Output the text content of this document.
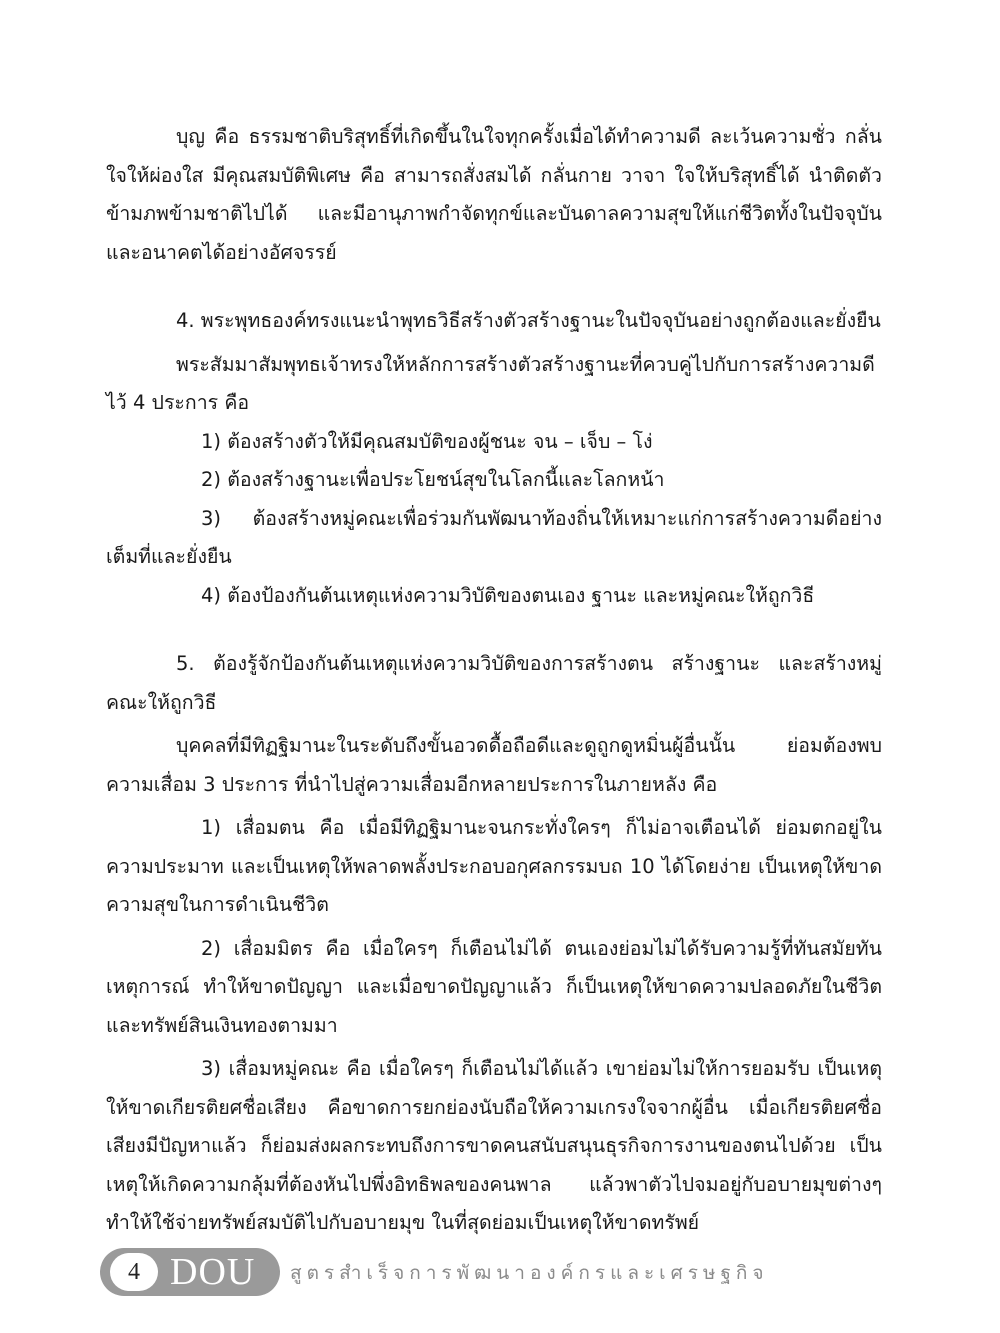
บุญ คือ ธรรมชาติบริสุทธิ์ที่เกิดขึ้นในใจทุกครั้งเมื่อได้ทำความดี ละเว้นความชั่ว กลั่นใจให้ผ่องใส มีคุณสมบัติพิเศษ คือ สามารถสั่งสมได้ กลั่นกาย วาจา ใจให้บริสุทธิ์ได้ นำติดตัวข้ามภพข้ามชาติไปได้ และมีอานุภาพกำจัดทุกข์และบันดาลความสุขให้แก่ชีวิตทั้งในปัจจุบันและอนาคตได้อย่างอัศจรรย์

4. พระพุทธองค์ทรงแนะนำพุทธวิธีสร้างตัวสร้างฐานะในปัจจุบันอย่างถูกต้องและยั่งยืน

พระสัมมาสัมพุทธเจ้าทรงให้หลักการสร้างตัวสร้างฐานะที่ควบคู่ไปกับการสร้างความดีไว้ 4 ประการ คือ

1) ต้องสร้างตัวให้มีคุณสมบัติของผู้ชนะ จน – เจ็บ – โง่

2) ต้องสร้างฐานะเพื่อประโยชน์สุขในโลกนี้และโลกหน้า

3) ต้องสร้างหมู่คณะเพื่อร่วมกันพัฒนาท้องถิ่นให้เหมาะแก่การสร้างความดีอย่างเต็มที่และยั่งยืน

4) ต้องป้องกันต้นเหตุแห่งความวิบัติของตนเอง ฐานะ และหมู่คณะให้ถูกวิธี

5. ต้องรู้จักป้องกันต้นเหตุแห่งความวิบัติของการสร้างตน สร้างฐานะ และสร้างหมู่คณะให้ถูกวิธี

บุคคลที่มีทิฏฐิมานะในระดับถึงขั้นอวดดื้อถือดีและดูถูกดูหมิ่นผู้อื่นนั้น ย่อมต้องพบความเสื่อม 3 ประการ ที่นำไปสู่ความเสื่อมอีกหลายประการในภายหลัง คือ

1) เสื่อมตน คือ เมื่อมีทิฏฐิมานะจนกระทั่งใครๆ ก็ไม่อาจเตือนได้ ย่อมตกอยู่ในความประมาท และเป็นเหตุให้พลาดพลั้งประกอบอกุศลกรรมบถ 10 ได้โดยง่าย เป็นเหตุให้ขาดความสุขในการดำเนินชีวิต

2) เสื่อมมิตร คือ เมื่อใครๆ ก็เตือนไม่ได้ ตนเองย่อมไม่ได้รับความรู้ที่ทันสมัยทันเหตุการณ์ ทำให้ขาดปัญญา และเมื่อขาดปัญญาแล้ว ก็เป็นเหตุให้ขาดความปลอดภัยในชีวิตและทรัพย์สินเงินทองตามมา

3) เสื่อมหมู่คณะ คือ เมื่อใครๆ ก็เตือนไม่ได้แล้ว เขาย่อมไม่ให้การยอมรับ เป็นเหตุให้ขาดเกียรติยศชื่อเสียง คือขาดการยกย่องนับถือให้ความเกรงใจจากผู้อื่น เมื่อเกียรติยศชื่อเสียงมีปัญหาแล้ว ก็ย่อมส่งผลกระทบถึงการขาดคนสนับสนุนธุรกิจการงานของตนไปด้วย เป็นเหตุให้เกิดความกลุ้มที่ต้องหันไปพึ่งอิทธิพลของคนพาล แล้วพาตัวไปจมอยู่กับอบายมุขต่างๆ ทำให้ใช้จ่ายทรัพย์สมบัติไปกับอบายมุข ในที่สุดย่อมเป็นเหตุให้ขาดทรัพย์

4 DOU สูตรสำเร็จการพัฒนาองค์กรและเศรษฐกิจ
